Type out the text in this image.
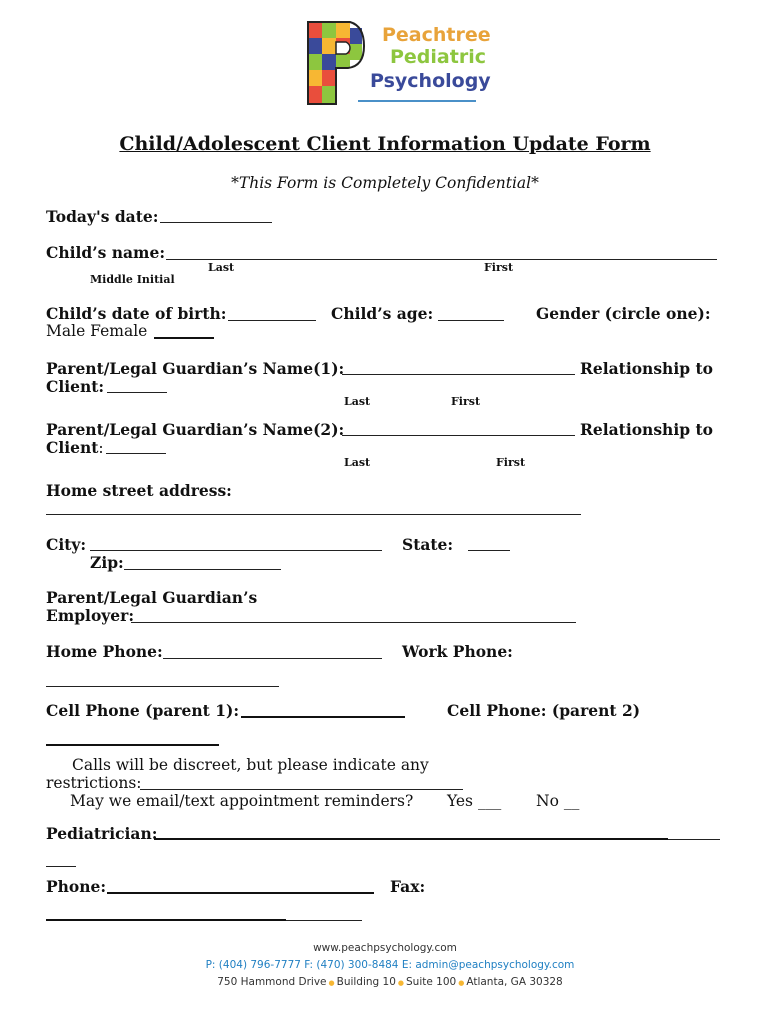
Peachtree
Pediatric
Psychology
Child/Adolescent Client Information Update Form
*This Form is Completely Confidential*
Today's date:
Child’s name:
Last	First
Middle Initial
Child’s date of birth:	Child’s age:	Gender (circle one):
Male Female
Parent/Legal Guardian’s Name(1):	Relationship to
Client:
Last	First
Parent/Legal Guardian’s Name(2):	Relationship to
Client:
Last	First
Home street address:
City:	State:
Zip:
Parent/Legal Guardian’s
Employer:
Home Phone:	Work Phone:
Cell Phone (parent 1):	Cell Phone: (parent 2)
Calls will be discreet, but please indicate any
restrictions:
May we email/text appointment reminders? Yes ___ No __
Pediatrician:
Phone:	Fax:
www.peachpsychology.com
P: (404) 796-7777 F: (470) 300-8484 E: admin@peachpsychology.com
750 Hammond Drive ● Building 10 ● Suite 100 ● Atlanta, GA 30328
